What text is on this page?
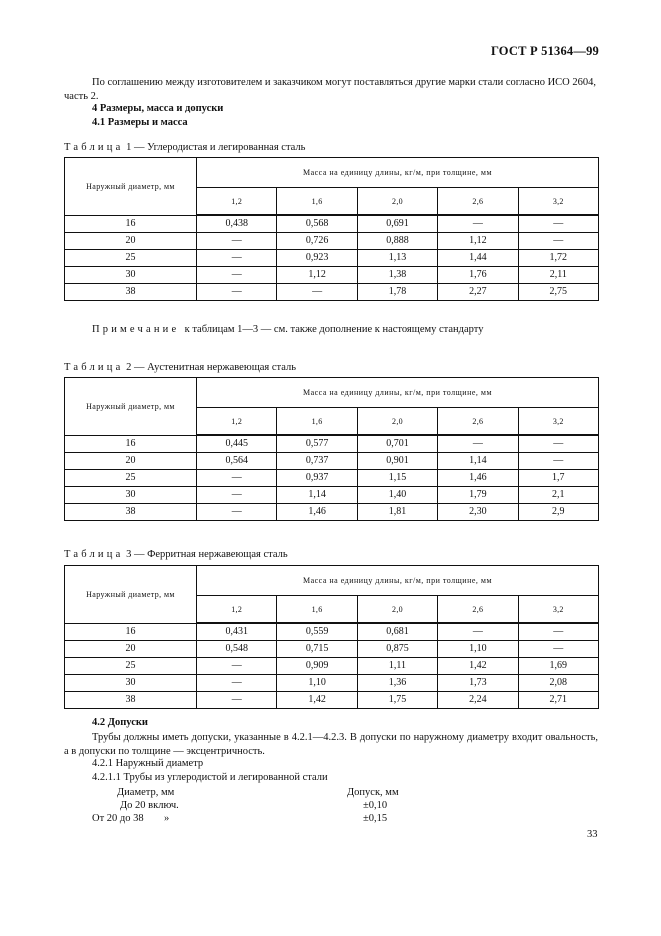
ГОСТ Р 51364—99
По соглашению между изготовителем и заказчиком могут поставляться другие марки стали согласно ИСО 2604, часть 2.
4 Размеры, масса и допуски
4.1 Размеры и масса
Таблица 1 — Углеродистая и легированная сталь
Наружный диаметр, мм	Масса на единицу длины, кг/м, при толщине, мм				
	1,2	1,6	2,0	2,6	3,2
16	0,438	0,568	0,691	—	—
20	—	0,726	0,888	1,12	—
25	—	0,923	1,13	1,44	1,72
30	—	1,12	1,38	1,76	2,11
38	—	—	1,78	2,27	2,75
Примечание к таблицам 1—3 — см. также дополнение к настоящему стандарту
Таблица 2 — Аустенитная нержавеющая сталь
Наружный диаметр, мм	Масса на единицу длины, кг/м, при толщине, мм				
	1,2	1,6	2,0	2,6	3,2
16	0,445	0,577	0,701	—	—
20	0,564	0,737	0,901	1,14	—
25	—	0,937	1,15	1,46	1,7
30	—	1,14	1,40	1,79	2,1
38	—	1,46	1,81	2,30	2,9
Таблица 3 — Ферритная нержавеющая сталь
Наружный диаметр, мм	Масса на единицу длины, кг/м, при толщине, мм				
	1,2	1,6	2,0	2,6	3,2
16	0,431	0,559	0,681	—	—
20	0,548	0,715	0,875	1,10	—
25	—	0,909	1,11	1,42	1,69
30	—	1,10	1,36	1,73	2,08
38	—	1,42	1,75	2,24	2,71
4.2 Допуски
Трубы должны иметь допуски, указанные в 4.2.1—4.2.3. В допуски по наружному диаметру входит овальность, а в допуски по толщине — эксцентричность.
4.2.1 Наружный диаметр
4.2.1.1 Трубы из углеродистой и легированной стали
Диаметр, мм	Допуск, мм
До 20 включ.	±0,10
От 20 до 38 »	±0,15
33
